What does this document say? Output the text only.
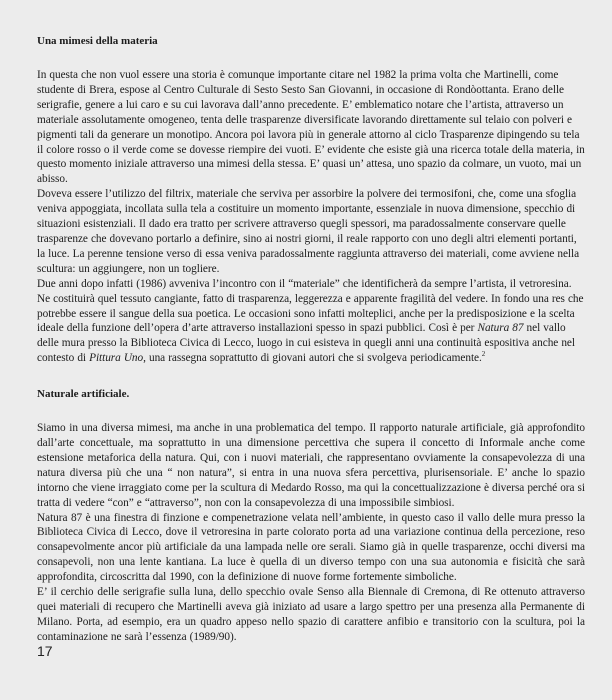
Una mimesi della materia

In questa che non vuol essere una storia è comunque importante citare nel 1982 la prima volta che Martinelli, come studente di Brera, espose al Centro Culturale di Sesto Sesto San Giovanni, in occasione di Rondòottanta. Erano delle serigrafie, genere a lui caro e su cui lavorava dall’anno precedente. E’ emblematico notare che l’artista, attraverso un materiale assolutamente omogeneo, tenta delle trasparenze diversificate lavorando direttamente sul telaio con polveri e pigmenti tali da generare un monotipo. Ancora poi lavora più in generale attorno al ciclo Trasparenze dipingendo su tela il colore rosso o il verde come se dovesse riempire dei vuoti. E’ evidente che esiste già una ricerca totale della materia, in questo momento iniziale attraverso una mimesi della stessa. E’ quasi un’ attesa, uno spazio da colmare, un vuoto, mai un abisso.

Doveva essere l’utilizzo del filtrix, materiale che serviva per assorbire la polvere dei termosifoni, che, come una sfoglia veniva appoggiata, incollata sulla tela a costituire un momento importante, essenziale in nuova dimensione, specchio di situazioni esistenziali. Il dado era tratto per scrivere attraverso quegli spessori, ma paradossalmente conservare quelle trasparenze che dovevano portarlo a definire, sino ai nostri giorni, il reale rapporto con uno degli altri elementi portanti, la luce. La perenne tensione verso di essa veniva paradossalmente raggiunta attraverso dei materiali, come avviene nella scultura: un aggiungere, non un togliere.

Due anni dopo infatti (1986) avveniva l’incontro con il “materiale” che identificherà da sempre l’artista, il vetroresina. Ne costituirà quel tessuto cangiante, fatto di trasparenza, leggerezza e apparente fragilità del vedere. In fondo una res che potrebbe essere il sangue della sua poetica. Le occasioni sono infatti molteplici, anche per la predisposizione e la scelta ideale della funzione dell’opera d’arte attraverso installazioni spesso in spazi pubblici. Così è per Natura 87 nel vallo delle mura presso la Biblioteca Civica di Lecco, luogo in cui esisteva in quegli anni una continuità espositiva anche nel contesto di Pittura Uno, una rassegna soprattutto di giovani autori che si svolgeva periodicamente.$^2$

Naturale artificiale.

Siamo in una diversa mimesi, ma anche in una problematica del tempo. Il rapporto naturale artificiale, già approfondito dall’arte concettuale, ma soprattutto in una dimensione percettiva che supera il concetto di Informale anche come estensione metaforica della natura. Qui, con i nuovi materiali, che rappresentano ovviamente la consapevolezza di una natura diversa più che una “ non natura”, si entra in una nuova sfera percettiva, plurisensoriale. E’ anche lo spazio intorno che viene irraggiato come per la scultura di Medardo Rosso, ma qui la concettualizzazione è diversa perché ora si tratta di vedere “con” e “attraverso”, non con la consapevolezza di una impossibile simbiosi.

Natura 87 è una finestra di finzione e compenetrazione velata nell’ambiente, in questo caso il vallo delle mura presso la Biblioteca Civica di Lecco, dove il vetroresina in parte colorato porta ad una variazione continua della percezione, reso consapevolmente ancor più artificiale da una lampada nelle ore serali. Siamo già in quelle trasparenze, occhi diversi ma consapevoli, non una lente kantiana. La luce è quella di un diverso tempo con una sua autonomia e fisicità che sarà approfondita, circoscritta dal 1990, con la definizione di nuove forme fortemente simboliche.

E’ il cerchio delle serigrafie sulla luna, dello specchio ovale Senso alla Biennale di Cremona, di Re ottenuto attraverso quei materiali di recupero che Martinelli aveva già iniziato ad usare a largo spettro per una presenza alla Permanente di Milano. Porta, ad esempio, era un quadro appeso nello spazio di carattere anfibio e transitorio con la scultura, poi la contaminazione ne sarà l’essenza (1989/90).

17
